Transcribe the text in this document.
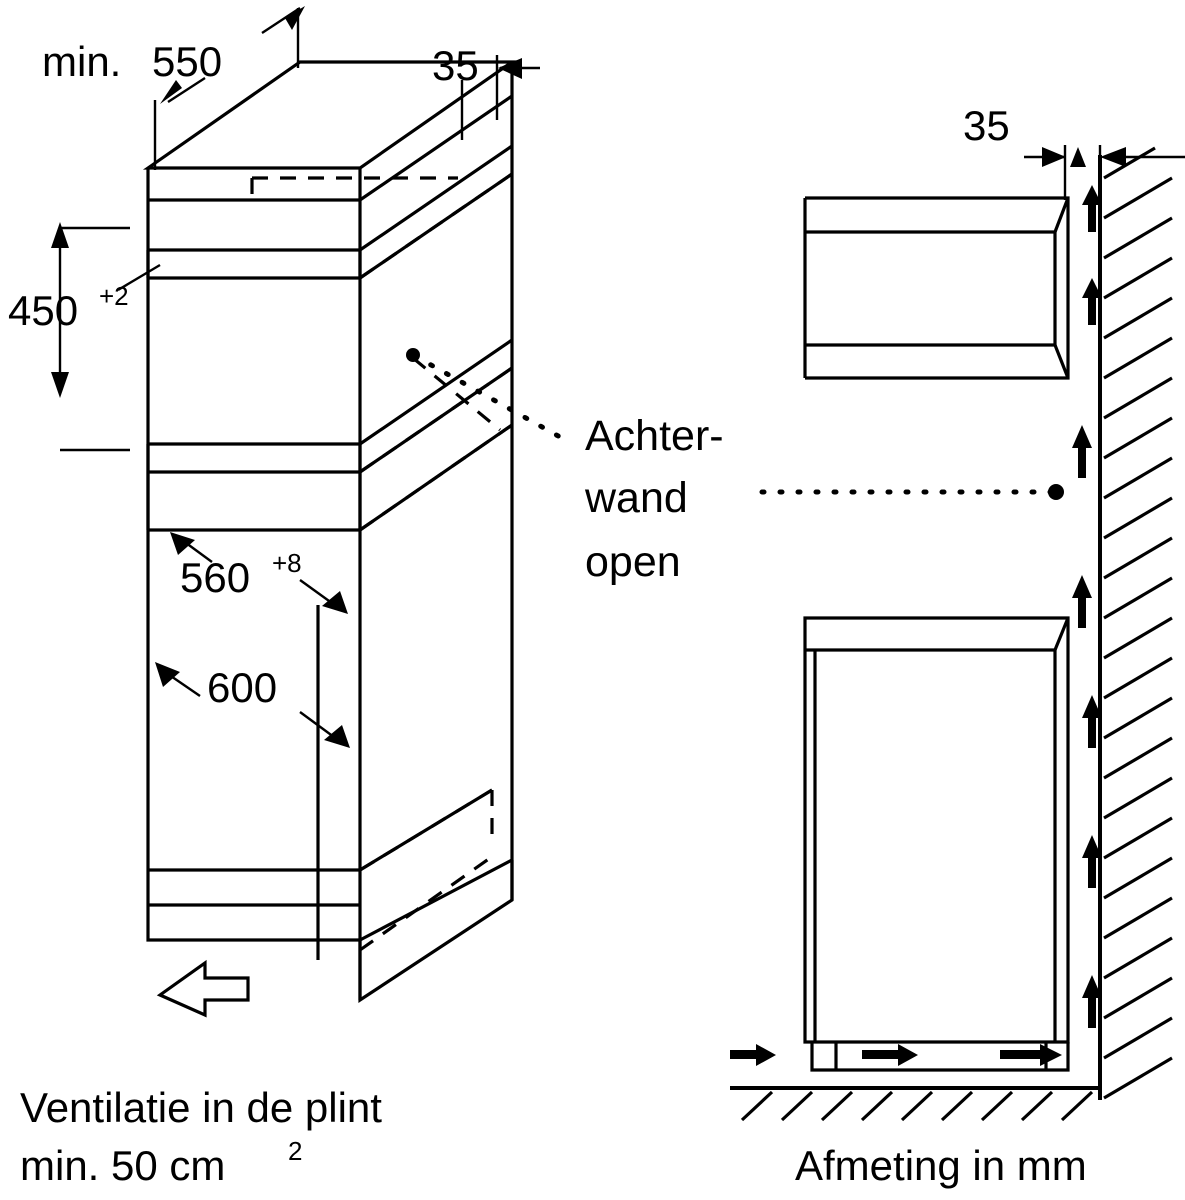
min. 550	35
450 +2
560 +8
600
35
Achter-
wand
open
Ventilatie in de plint
min. 50 cm 2	Afmeting in mm
